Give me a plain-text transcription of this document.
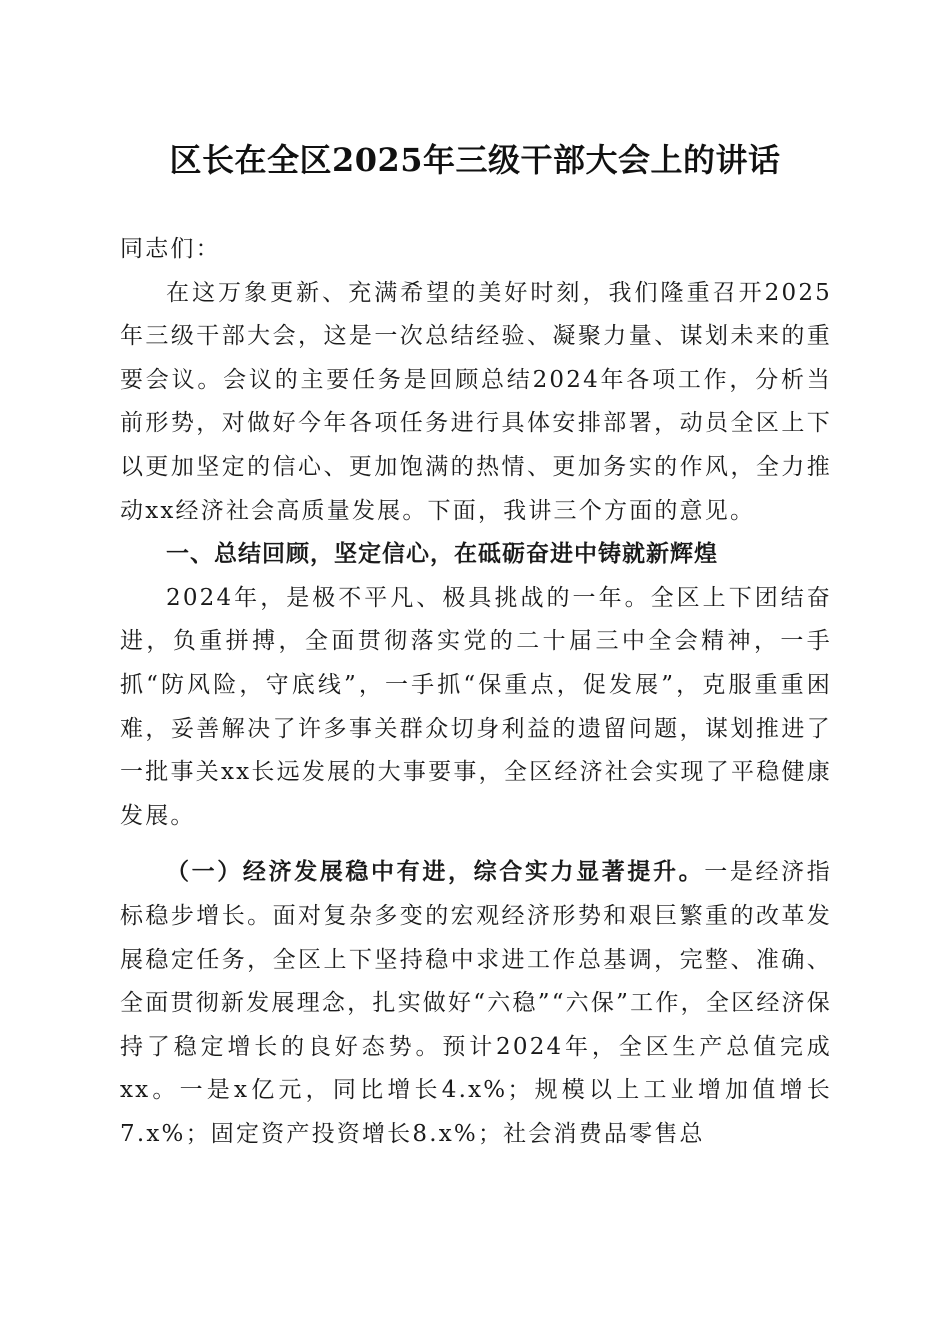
区长在全区2025年三级干部大会上的讲话

同志们：

在这万象更新、充满希望的美好时刻，我们隆重召开2025年三级干部大会，这是一次总结经验、凝聚力量、谋划未来的重要会议。会议的主要任务是回顾总结2024年各项工作，分析当前形势，对做好今年各项任务进行具体安排部署，动员全区上下以更加坚定的信心、更加饱满的热情、更加务实的作风，全力推动xx经济社会高质量发展。下面，我讲三个方面的意见。

一、总结回顾，坚定信心，在砥砺奋进中铸就新辉煌

2024年，是极不平凡、极具挑战的一年。全区上下团结奋进，负重拼搏，全面贯彻落实党的二十届三中全会精神，一手抓“防风险，守底线”，一手抓“保重点，促发展”，克服重重困难，妥善解决了许多事关群众切身利益的遗留问题，谋划推进了一批事关xx长远发展的大事要事，全区经济社会实现了平稳健康发展。

（一）经济发展稳中有进，综合实力显著提升。一是经济指标稳步增长。面对复杂多变的宏观经济形势和艰巨繁重的改革发展稳定任务，全区上下坚持稳中求进工作总基调，完整、准确、全面贯彻新发展理念，扎实做好“六稳”“六保”工作，全区经济保持了稳定增长的良好态势。预计2024年，全区生产总值完成xx。一是x亿元，同比增长4.x%；规模以上工业增加值增长7.x%；固定资产投资增长8.x%；社会消费品零售总
